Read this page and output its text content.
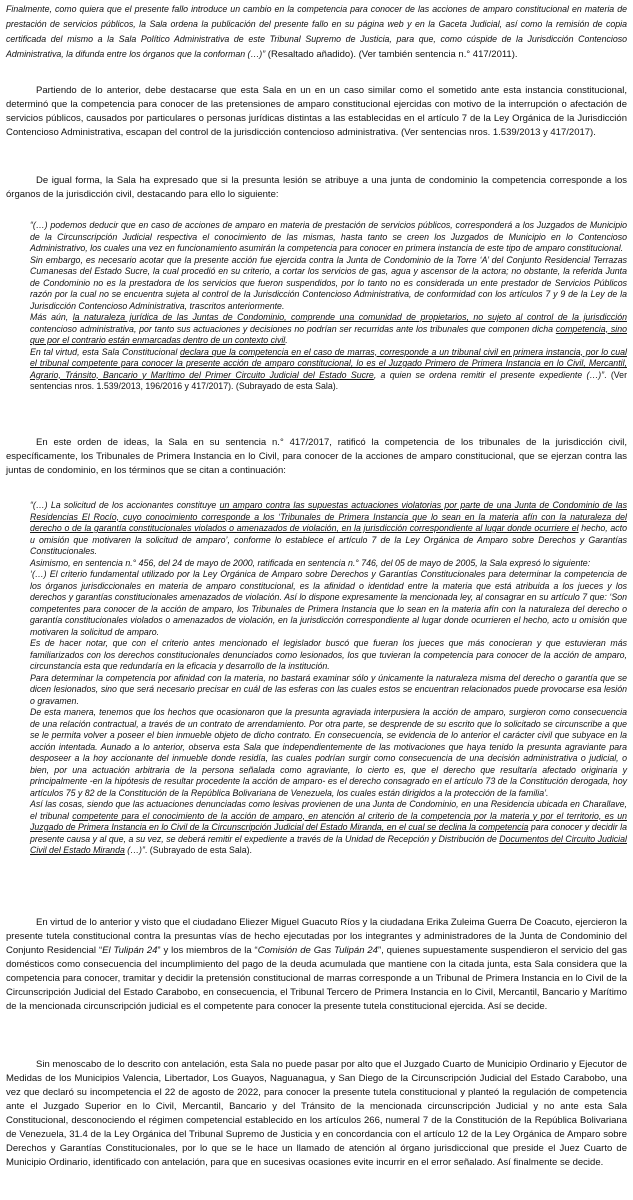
Finalmente, como quiera que el presente fallo introduce un cambio en la competencia para conocer de las acciones de amparo constitucional en materia de prestación de servicios públicos, la Sala ordena la publicación del presente fallo en su página web y en la Gaceta Judicial, así como la remisión de copia certificada del mismo a la Sala Político Administrativa de este Tribunal Supremo de Justicia, para que, como cúspide de la Jurisdicción Contencioso Administrativa, la difunda entre los órganos que la conforman (…)” (Resaltado añadido). (Ver también sentencia n.° 417/2011).

Partiendo de lo anterior, debe destacarse que esta Sala en un en un caso similar como el sometido ante esta instancia constitucional, determinó que la competencia para conocer de las pretensiones de amparo constitucional ejercidas con motivo de la interrupción o afectación de servicios públicos, causados por particulares o personas jurídicas distintas a las establecidas en el artículo 7 de la Ley Orgánica de la Jurisdicción Contencioso Administrativa, escapan del control de la jurisdicción contencioso administrativa. (Ver sentencias nros. 1.539/2013 y 417/2017).

De igual forma, la Sala ha expresado que si la presunta lesión se atribuye a una junta de condominio la competencia corresponde a los órganos de la jurisdicción civil, destacando para ello lo siguiente:

“(…) podemos deducir que en caso de acciones de amparo en materia de prestación de servicios públicos, corresponderá a los Juzgados de Municipio de la Circunscripción Judicial respectiva el conocimiento de las mismas, hasta tanto se creen los Juzgados de Municipio en lo Contencioso Administrativo, los cuales una vez en funcionamiento asumirán la competencia para conocer en primera instancia de este tipo de amparo constitucional.

Sin embargo, es necesario acotar que la presente acción fue ejercida contra la Junta de Condominio de la Torre ‘A’ del Conjunto Residencial Terrazas Cumanesas del Estado Sucre, la cual procedió en su criterio, a cortar los servicios de gas, agua y ascensor de la actora; no obstante, la referida Junta de Condominio no es la prestadora de los servicios que fueron suspendidos, por lo tanto no es considerada un ente prestador de Servicios Públicos razón por la cual no se encuentra sujeta al control de la Jurisdicción Contencioso Administrativa, de conformidad con los artículos 7 y 9 de la Ley de la Jurisdicción Contencioso Administrativa, trascritos anteriormente.

Más aún, la naturaleza jurídica de las Juntas de Condominio, comprende una comunidad de propietarios, no sujeto al control de la jurisdicción contencioso administrativa, por tanto sus actuaciones y decisiones no podrían ser recurridas ante los tribunales que componen dicha competencia, sino que por el contrario están enmarcadas dentro de un contexto civil.

En tal virtud, esta Sala Constitucional declara que la competencia en el caso de marras, corresponde a un tribunal civil en primera instancia, por lo cual el tribunal competente para conocer la presente acción de amparo constitucional, lo es el Juzgado Primero de Primera Instancia en lo Civil, Mercantil, Agrario, Tránsito, Bancario y Marítimo del Primer Circuito Judicial del Estado Sucre, a quien se ordena remitir el presente expediente (…)”. (Ver sentencias nros. 1.539/2013, 196/2016 y 417/2017). (Subrayado de esta Sala).

En este orden de ideas, la Sala en su sentencia n.° 417/2017, ratificó la competencia de los tribunales de la jurisdicción civil, específicamente, los Tribunales de Primera Instancia en lo Civil, para conocer de la acciones de amparo constitucional, que se ejerzan contra las juntas de condominio, en los términos que se citan a continuación:

“(…) La solicitud de los accionantes constituye un amparo contra las supuestas actuaciones violatorias por parte de una Junta de Condominio de las Residencias El Rocío, cuyo conocimiento corresponde a los ‘Tribunales de Primera Instancia que lo sean en la materia afín con la naturaleza del derecho o de la garantía constitucionales violados o amenazados de violación, en la jurisdicción correspondiente al lugar donde ocurriere el hecho, acto u omisión que motivaren la solicitud de amparo’, conforme lo establece el artículo 7 de la Ley Orgánica de Amparo sobre Derechos y Garantías Constitucionales.

Asimismo, en sentencia n.° 456, del 24 de mayo de 2000, ratificada en sentencia n.° 746, del 05 de mayo de 2005, la Sala expresó lo siguiente:

‘(…) El criterio fundamental utilizado por la Ley Orgánica de Amparo sobre Derechos y Garantías Constitucionales para determinar la competencia de los órganos jurisdiccionales en materia de amparo constitucional, es la afinidad o identidad entre la materia que está atribuida a los jueces y los derechos y garantías constitucionales amenazados de violación. Así lo dispone expresamente la mencionada ley, al consagrar en su artículo 7 que: ‘Son competentes para conocer de la acción de amparo, los Tribunales de Primera Instancia que lo sean en la materia afín con la naturaleza del derecho o garantía constitucionales violados o amenazados de violación, en la jurisdicción correspondiente al lugar donde ocurrieren el hecho, acto u omisión que motivaren la solicitud de amparo.

Es de hacer notar, que con el criterio antes mencionado el legislador buscó que fueran los jueces que más conocieran y que estuvieran más familiarizados con los derechos constitucionales denunciados como lesionados, los que tuvieran la competencia para conocer de la acción de amparo, circunstancia esta que redundaría en la eficacia y desarrollo de la institución.

Para determinar la competencia por afinidad con la materia, no bastará examinar sólo y únicamente la naturaleza misma del derecho o garantía que se dicen lesionados, sino que será necesario precisar en cuál de las esferas con las cuales estos se encuentran relacionados puede provocarse esa lesión o gravamen.

De esta manera, tenemos que los hechos que ocasionaron que la presunta agraviada interpusiera la acción de amparo, surgieron como consecuencia de una relación contractual, a través de un contrato de arrendamiento. Por otra parte, se desprende de su escrito que lo solicitado se circunscribe a que se le permita volver a poseer el bien inmueble objeto de dicho contrato. En consecuencia, se evidencia de lo anterior el carácter civil que subyace en la acción intentada. Aunado a lo anterior, observa esta Sala que independientemente de las motivaciones que haya tenido la presunta agraviante para desposeer a la hoy accionante del inmueble donde residía, las cuales podrían surgir como consecuencia de una decisión administrativa o judicial, o bien, por una actuación arbitraria de la persona señalada como agraviante, lo cierto es, que el derecho que resultaría afectado originaria y principalmente -en la hipótesis de resultar procedente la acción de amparo- es el derecho consagrado en el artículo 73 de la Constitución derogada, hoy artículos 75 y 82 de la Constitución de la República Bolivariana de Venezuela, los cuales están dirigidos a la protección de la familia’.

Así las cosas, siendo que las actuaciones denunciadas como lesivas provienen de una Junta de Condominio, en una Residencia ubicada en Charallave, el tribunal competente para el conocimiento de la acción de amparo, en atención al criterio de la competencia por la materia y por el territorio, es un Juzgado de Primera Instancia en lo Civil de la Circunscripción Judicial del Estado Miranda, en el cual se declina la competencia para conocer y decidir la presente causa y al que, a su vez, se deberá remitir el expediente a través de la Unidad de Recepción y Distribución de Documentos del Circuito Judicial Civil del Estado Miranda (…)”. (Subrayado de esta Sala).

En virtud de lo anterior y visto que el ciudadano Eliezer Miguel Guacuto Ríos y la ciudadana Erika Zuleima Guerra De Coacuto, ejercieron la presente tutela constitucional contra la presuntas vías de hecho ejecutadas por los integrantes y administradores de la Junta de Condominio del Conjunto Residencial “El Tulipán 24” y los miembros de la “Comisión de Gas Tulipán 24”, quienes supuestamente suspendieron el servicio del gas domésticos como consecuencia del incumplimiento del pago de la deuda acumulada que mantiene con la citada junta, esta Sala considera que la competencia para conocer, tramitar y decidir la pretensión constitucional de marras corresponde a un Tribunal de Primera Instancia en lo Civil de la Circunscripción Judicial del Estado Carabobo, en consecuencia, el Tribunal Tercero de Primera Instancia en lo Civil, Mercantil, Bancario y Marítimo de la mencionada circunscripción judicial es el competente para conocer la presente tutela constitucional ejercida. Así se decide.

Sin menoscabo de lo descrito con antelación, esta Sala no puede pasar por alto que el Juzgado Cuarto de Municipio Ordinario y Ejecutor de Medidas de los Municipios Valencia, Libertador, Los Guayos, Naguanagua, y San Diego de la Circunscripción Judicial del Estado Carabobo, una vez que declaró su incompetencia el 22 de agosto de 2022, para conocer la presente tutela constitucional y planteó la regulación de competencia ante el Juzgado Superior en lo Civil, Mercantil, Bancario y del Tránsito de la mencionada circunscripción Judicial y no ante esta Sala Constitucional, desconociendo el régimen competencial establecido en los artículos 266, numeral 7 de la Constitución de la República Bolivariana de Venezuela, 31.4 de la Ley Orgánica del Tribunal Supremo de Justicia y en concordancia con el artículo 12 de la Ley Orgánica de Amparo sobre Derechos y Garantías Constitucionales, por lo que se le hace un llamado de atención al órgano jurisdiccional que preside el Juez Cuarto de Municipio Ordinario, identificado con antelación, para que en sucesivas ocasiones evite incurrir en el error señalado. Así finalmente se decide.
